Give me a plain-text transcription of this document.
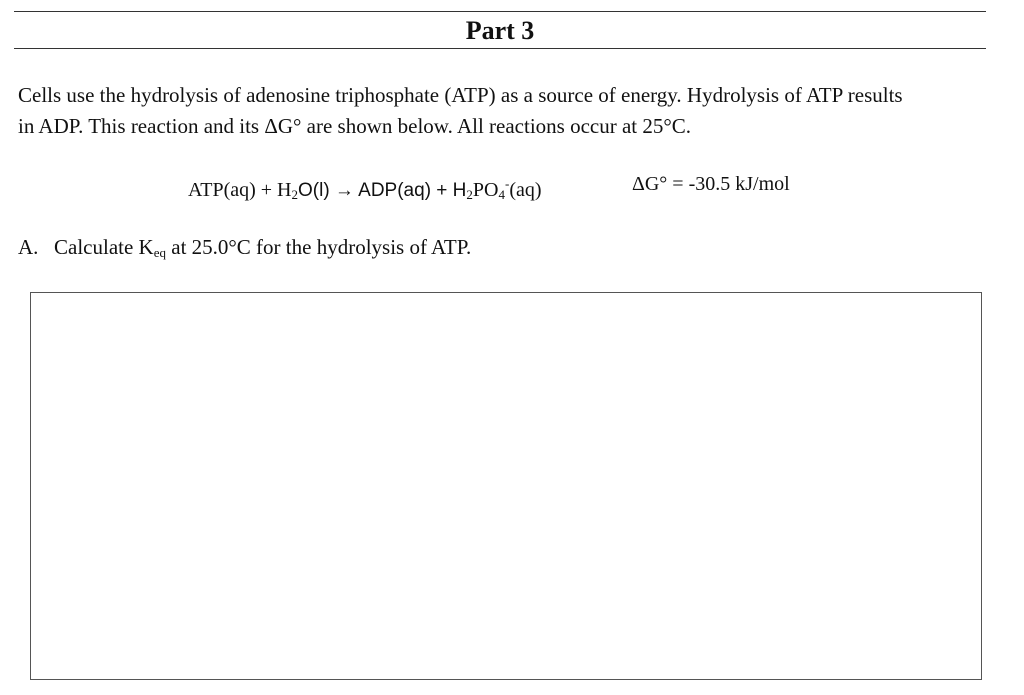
Part 3

Cells use the hydrolysis of adenosine triphosphate (ATP) as a source of energy. Hydrolysis of ATP results
in ADP. This reaction and its ΔG° are shown below. All reactions occur at 25°C.

$ATP(aq) + H_2O(l) \to ADP(aq) + H_2PO_4^-(aq)$	ΔG° = -30.5 kJ/mol
A. Calculate $K_{eq}$ at 25.0°C for the hydrolysis of ATP.
